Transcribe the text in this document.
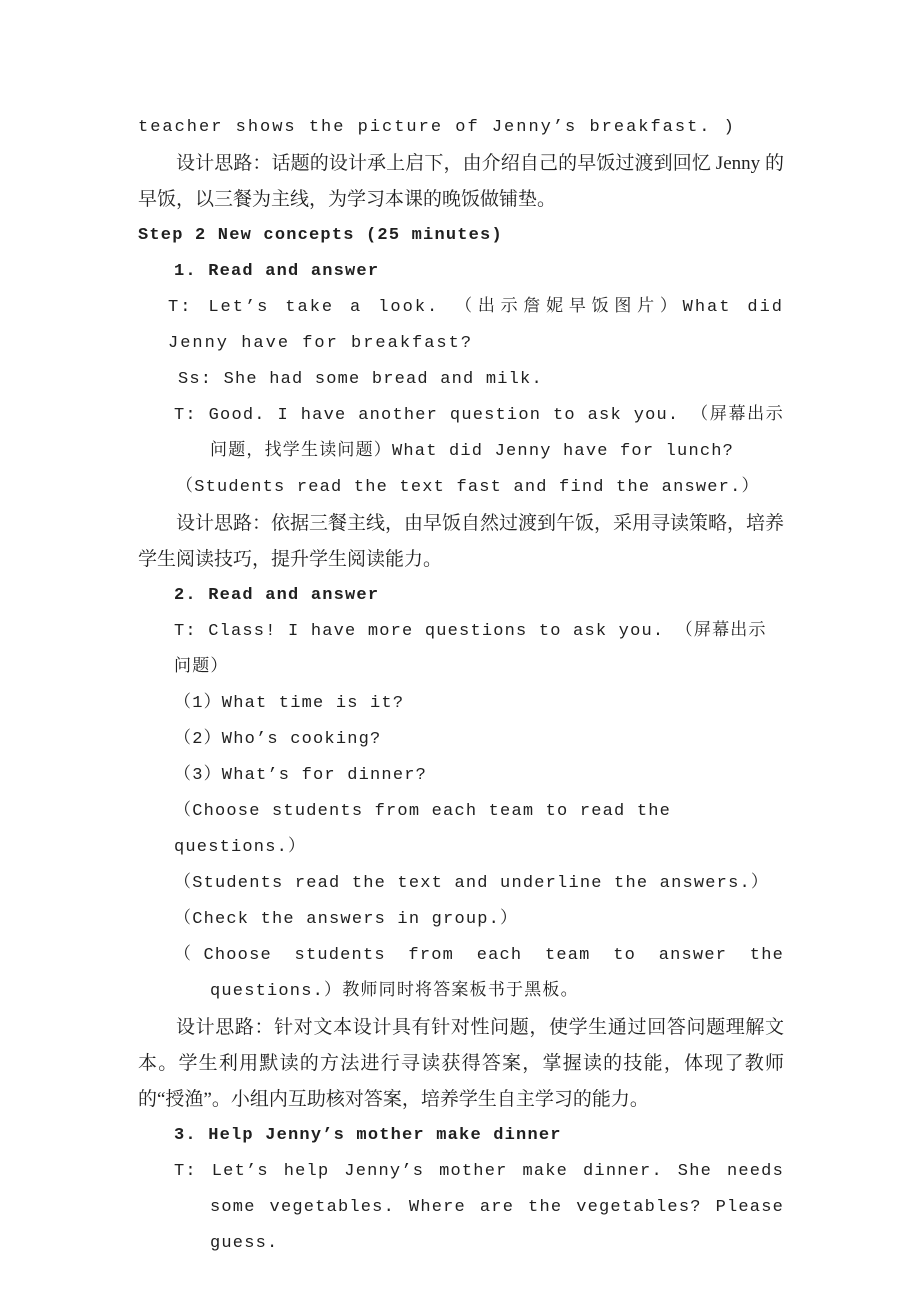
teacher shows the picture of Jenny’s breakfast. )

设计思路：话题的设计承上启下，由介绍自己的早饭过渡到回忆 Jenny 的早饭，以三餐为主线，为学习本课的晚饭做铺垫。

Step 2 New concepts (25 minutes)

1. Read and answer

T: Let’s take a look. （出示詹妮早饭图片）What did Jenny have for breakfast?

Ss: She had some bread and milk.

T: Good. I have another question to ask you. （屏幕出示问题，找学生读问题）What did Jenny have for lunch?

（Students read the text fast and find the answer.）

设计思路：依据三餐主线，由早饭自然过渡到午饭，采用寻读策略，培养学生阅读技巧，提升学生阅读能力。

2. Read and answer

T: Class! I have more questions to ask you. （屏幕出示问题）

（1）What time is it?

（2）Who’s cooking?

（3）What’s for dinner?

（Choose students from each team to read the questions.）

（Students read the text and underline the answers.）

（Check the answers in group.）

（Choose students from each team to answer the questions.）教师同时将答案板书于黑板。

设计思路：针对文本设计具有针对性问题，使学生通过回答问题理解文本。学生利用默读的方法进行寻读获得答案，掌握读的技能，体现了教师的“授渔”。小组内互助核对答案，培养学生自主学习的能力。

3. Help Jenny’s mother make dinner

T: Let’s help Jenny’s mother make dinner. She needs some vegetables. Where are the vegetables? Please guess.
